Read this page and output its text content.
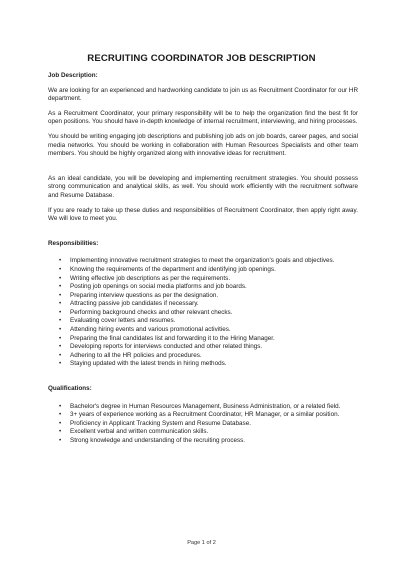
RECRUITING COORDINATOR JOB DESCRIPTION

Job Description:

We are looking for an experienced and hardworking candidate to join us as Recruitment Coordinator for our HR department.

As a Recruitment Coordinator, your primary responsibility will be to help the organization find the best fit for open positions. You should have in-depth knowledge of internal recruitment, interviewing, and hiring processes.

You should be writing engaging job descriptions and publishing job ads on job boards, career pages, and social media networks. You should be working in collaboration with Human Resources Specialists and other team members. You should be highly organized along with innovative ideas for recruitment.

As an ideal candidate, you will be developing and implementing recruitment strategies. You should possess strong communication and analytical skills, as well. You should work efficiently with the recruitment software and Resume Database.

If you are ready to take up these duties and responsibilities of Recruitment Coordinator, then apply right away. We will love to meet you.

Responsibilities:

• Implementing innovative recruitment strategies to meet the organization's goals and objectives.
• Knowing the requirements of the department and identifying job openings.
• Writing effective job descriptions as per the requirements.
• Posting job openings on social media platforms and job boards.
• Preparing interview questions as per the designation.
• Attracting passive job candidates if necessary.
• Performing background checks and other relevant checks.
• Evaluating cover letters and resumes.
• Attending hiring events and various promotional activities.
• Preparing the final candidates list and forwarding it to the Hiring Manager.
• Developing reports for interviews conducted and other related things.
• Adhering to all the HR policies and procedures.
• Staying updated with the latest trends in hiring methods.

Qualifications:

• Bachelor's degree in Human Resources Management, Business Administration, or a related field.
• 3+ years of experience working as a Recruitment Coordinator, HR Manager, or a similar position.
• Proficiency in Applicant Tracking System and Resume Database.
• Excellent verbal and written communication skills.
• Strong knowledge and understanding of the recruiting process.
Page 1 of 2
